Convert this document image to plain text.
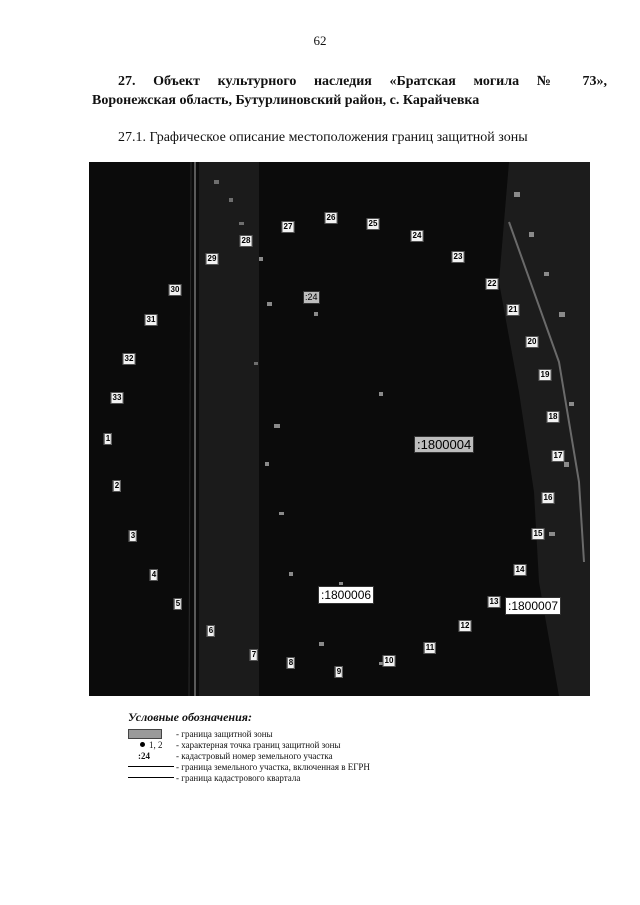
62
27. Объект культурного наследия «Братская могила № 73»,
Воронежская область, Бутурлиновский район, с. Карайчевка
27.1. Графическое описание местоположения границ защитной зоны
1
2
3
4
5
6
7
8
9
10
11
12
13
14
15
16
17
18
19
20
21
22
23
24
25
26
27
28
29
30
31
32
33
:24
:1800004
:1800006
:1800007
Условные обозначения:
- граница защитной зоны
1, 2 - характерная точка границ защитной зоны
:24	- кадастровый номер земельного участка
- граница земельного участка, включенная в ЕГРН
- граница кадастрового квартала
